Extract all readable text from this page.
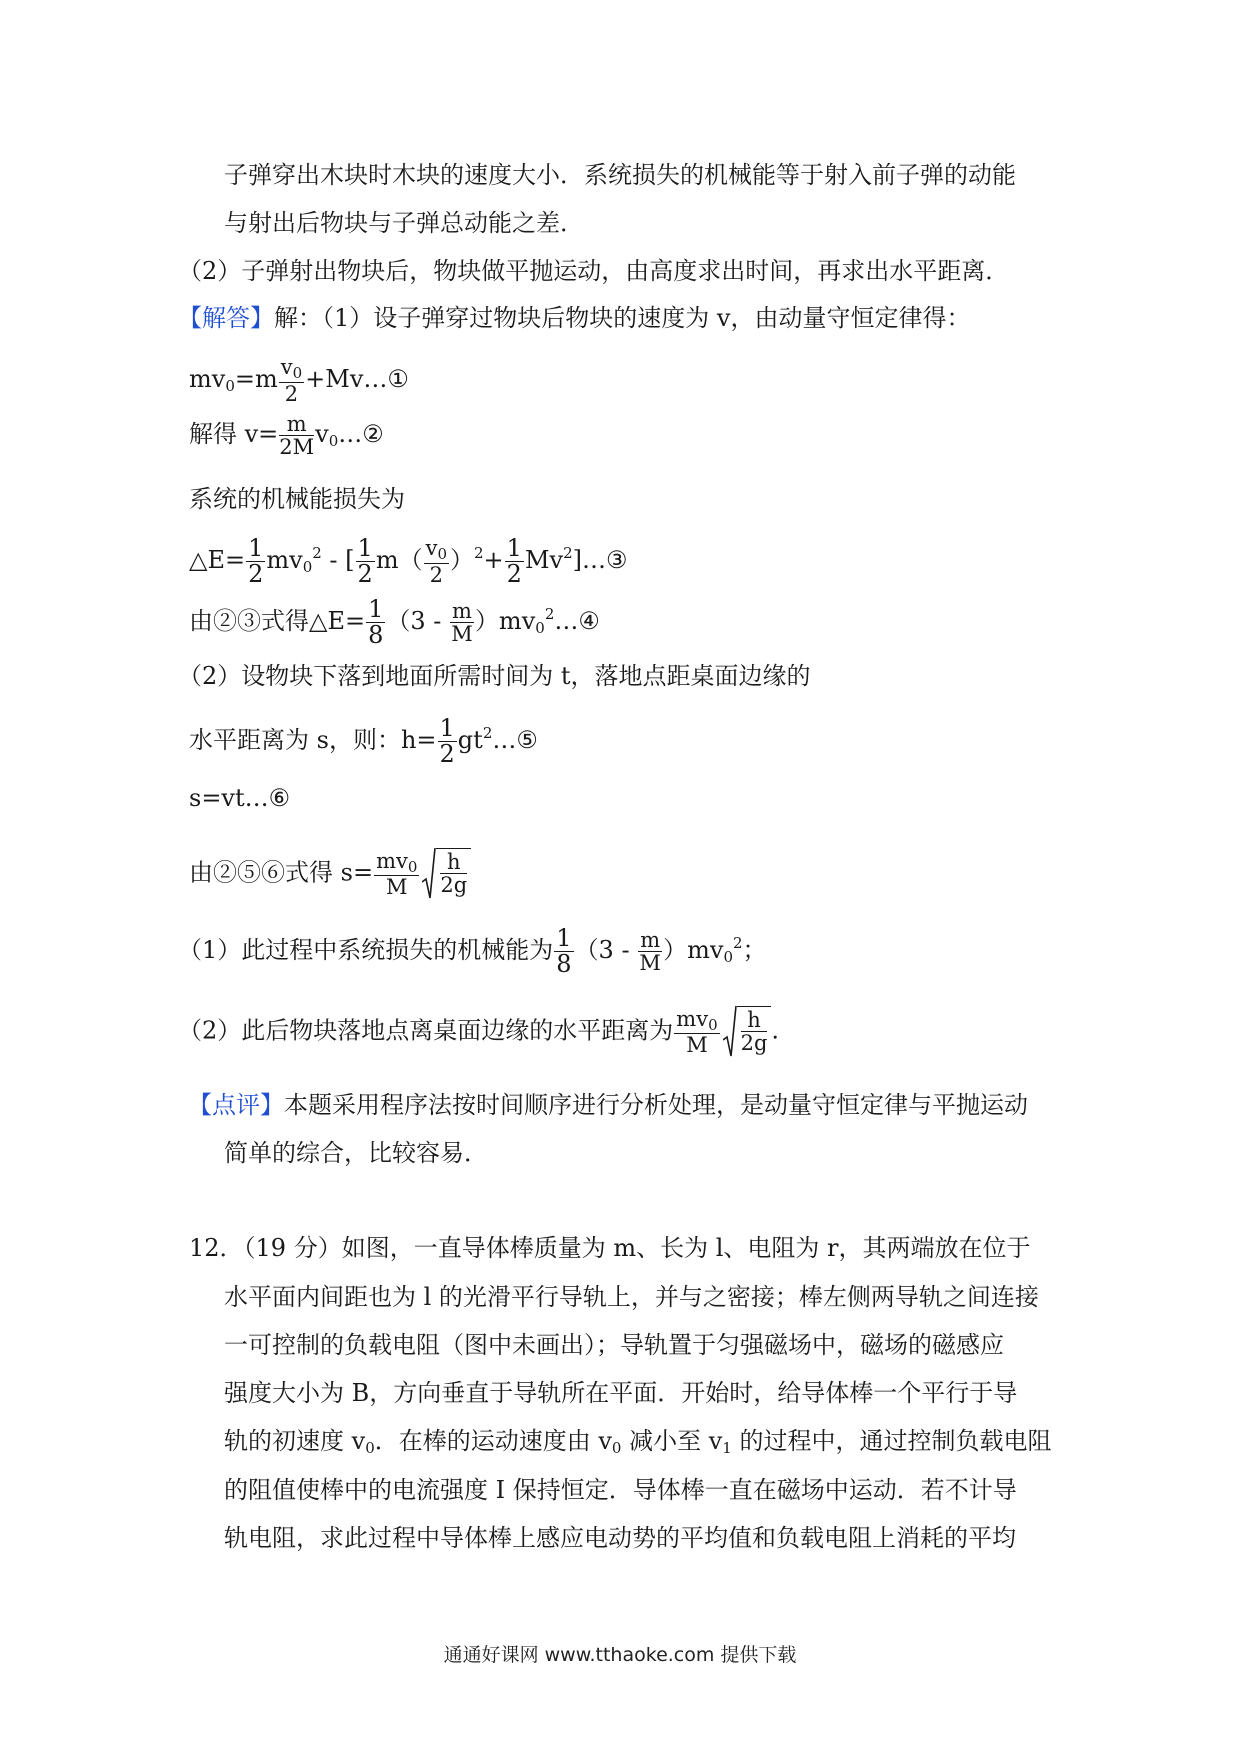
子弹穿出木块时木块的速度大小．系统损失的机械能等于射入前子弹的动能
与射出后物块与子弹总动能之差．
（2）子弹射出物块后，物块做平抛运动，由高度求出时间，再求出水平距离．
【解答】解：（1）设子弹穿过物块后物块的速度为 v，由动量守恒定律得：
$mv_0=m \frac{v_0}{2}$ +Mv…①
解得 $v= \frac{m}{2M}$ $v_0\dots ②$
系统的机械能损失为
△E= $\frac{1}{2} mv_0^2$ - [ $\frac{1}{2} m( \frac{v_0}{2} )^2+ \frac{1}{2}$ Mv$^2$]…③
由②③式得△E= $\frac{1}{8} (3 - \frac{m}{M}$ ）$mv_0^2\dots ④$
（2）设物块下落到地面所需时间为 t，落地点距桌面边缘的
水平距离为 s，则：$h= \frac{1}{2}$ $gt^2\dots ⑤$
s=vt…⑥
由②⑤⑥式得 $s= \frac{mv_0}{M} \frac{h}{2g}$
（1）此过程中系统损失的机械能为 $\frac{1}{8} (3 - \frac{m}{M} )mv_0^2$；
（2）此后物块落地点离桌面边缘的水平距离为 $\frac{mv_0}{M} \frac{h}{2g}$ .
【点评】本题采用程序法按时间顺序进行分析处理，是动量守恒定律与平抛运动
简单的综合，比较容易．
12．（19 分）如图，一直导体棒质量为 m、长为 l、电阻为 r，其两端放在位于
水平面内间距也为 l 的光滑平行导轨上，并与之密接；棒左侧两导轨之间连接
一可控制的负载电阻（图中未画出）；导轨置于匀强磁场中，磁场的磁感应
强度大小为 B，方向垂直于导轨所在平面．开始时，给导体棒一个平行于导
轨的初速度 $v_0$．在棒的运动速度由 $v_0$ 减小至 $v_1$ 的过程中，通过控制负载电阻
的阻值使棒中的电流强度 I 保持恒定．导体棒一直在磁场中运动．若不计导
轨电阻，求此过程中导体棒上感应电动势的平均值和负载电阻上消耗的平均
通通好课网 www.tthaoke.com 提供下载
